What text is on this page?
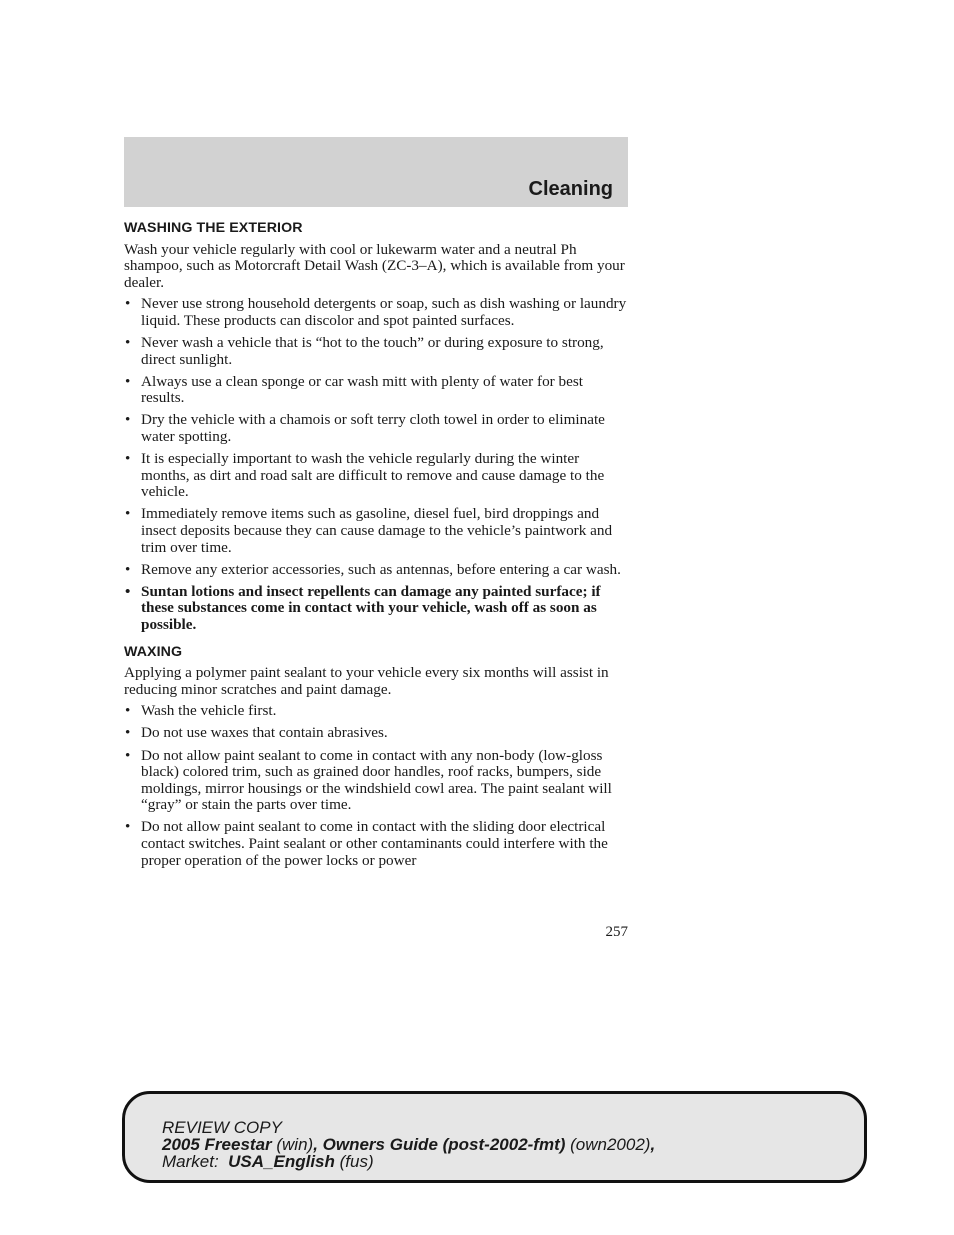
Cleaning
WASHING THE EXTERIOR

Wash your vehicle regularly with cool or lukewarm water and a neutral Ph shampoo, such as Motorcraft Detail Wash (ZC-3–A), which is available from your dealer.

• Never use strong household detergents or soap, such as dish washing or laundry liquid. These products can discolor and spot painted surfaces.
• Never wash a vehicle that is “hot to the touch” or during exposure to strong, direct sunlight.
• Always use a clean sponge or car wash mitt with plenty of water for best results.
• Dry the vehicle with a chamois or soft terry cloth towel in order to eliminate water spotting.
• It is especially important to wash the vehicle regularly during the winter months, as dirt and road salt are difficult to remove and cause damage to the vehicle.
• Immediately remove items such as gasoline, diesel fuel, bird droppings and insect deposits because they can cause damage to the vehicle’s paintwork and trim over time.
• Remove any exterior accessories, such as antennas, before entering a car wash.
• Suntan lotions and insect repellents can damage any painted surface; if these substances come in contact with your vehicle, wash off as soon as possible.
WAXING

Applying a polymer paint sealant to your vehicle every six months will assist in reducing minor scratches and paint damage.

• Wash the vehicle first.
• Do not use waxes that contain abrasives.
• Do not allow paint sealant to come in contact with any non-body (low-gloss black) colored trim, such as grained door handles, roof racks, bumpers, side moldings, mirror housings or the windshield cowl area. The paint sealant will “gray” or stain the parts over time.
• Do not allow paint sealant to come in contact with the sliding door electrical contact switches. Paint sealant or other contaminants could interfere with the proper operation of the power locks or power
257
REVIEW COPY
2005 Freestar (win), Owners Guide (post-2002-fmt) (own2002),
Market: USA_English (fus)
